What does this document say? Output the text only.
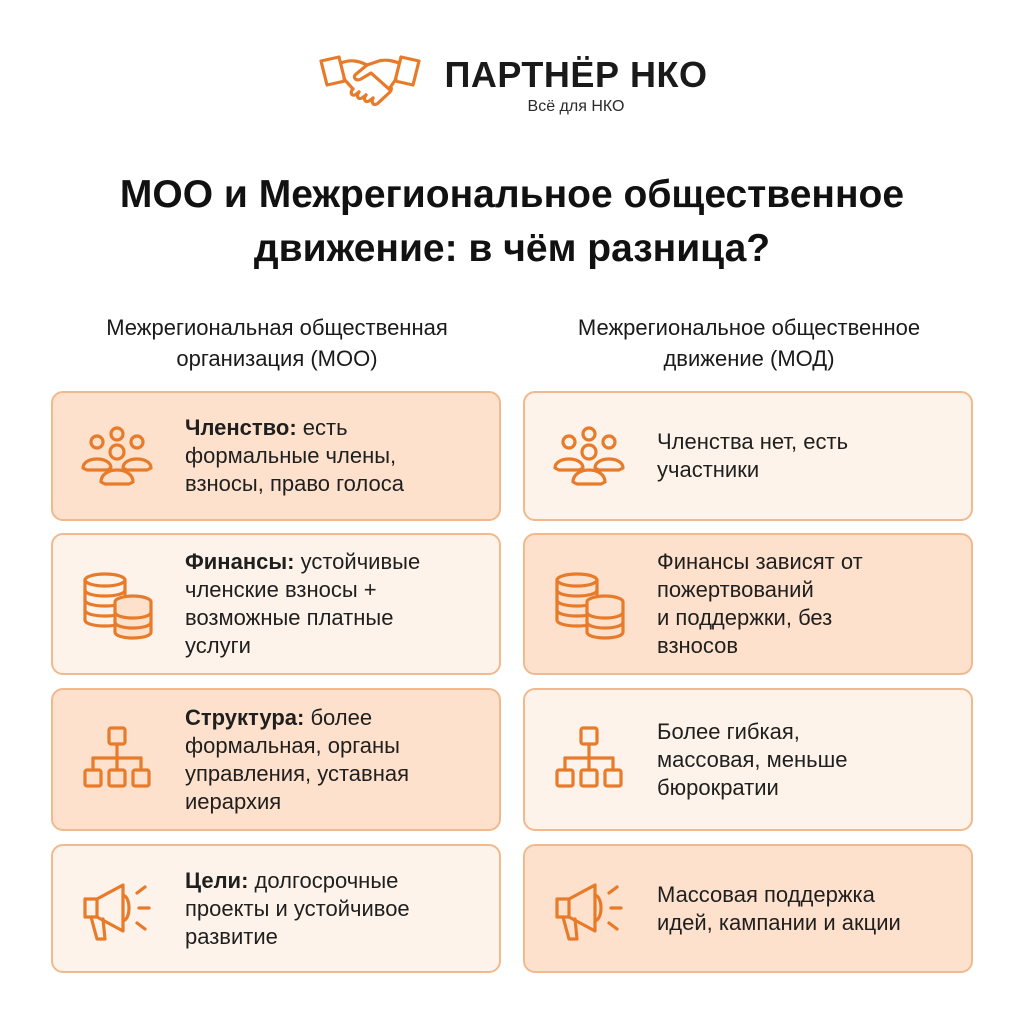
ПАРТНЁР НКО
Всё для НКО
МОО и Межрегиональное общественное
движение: в чём разница?
Межрегиональная общественная
организация (МОО)
Межрегиональное общественное
движение (МОД)
Членство: есть
формальные члены,
взносы, право голоса
Финансы: устойчивые
членские взносы +
возможные платные
услуги
Структура: более
формальная, органы
управления, уставная
иерархия
Цели: долгосрочные
проекты и устойчивое
развитие
Членства нет, есть
участники
Финансы зависят от
пожертвований
и поддержки, без
взносов
Более гибкая,
массовая, меньше
бюрократии
Массовая поддержка
идей, кампании и акции
